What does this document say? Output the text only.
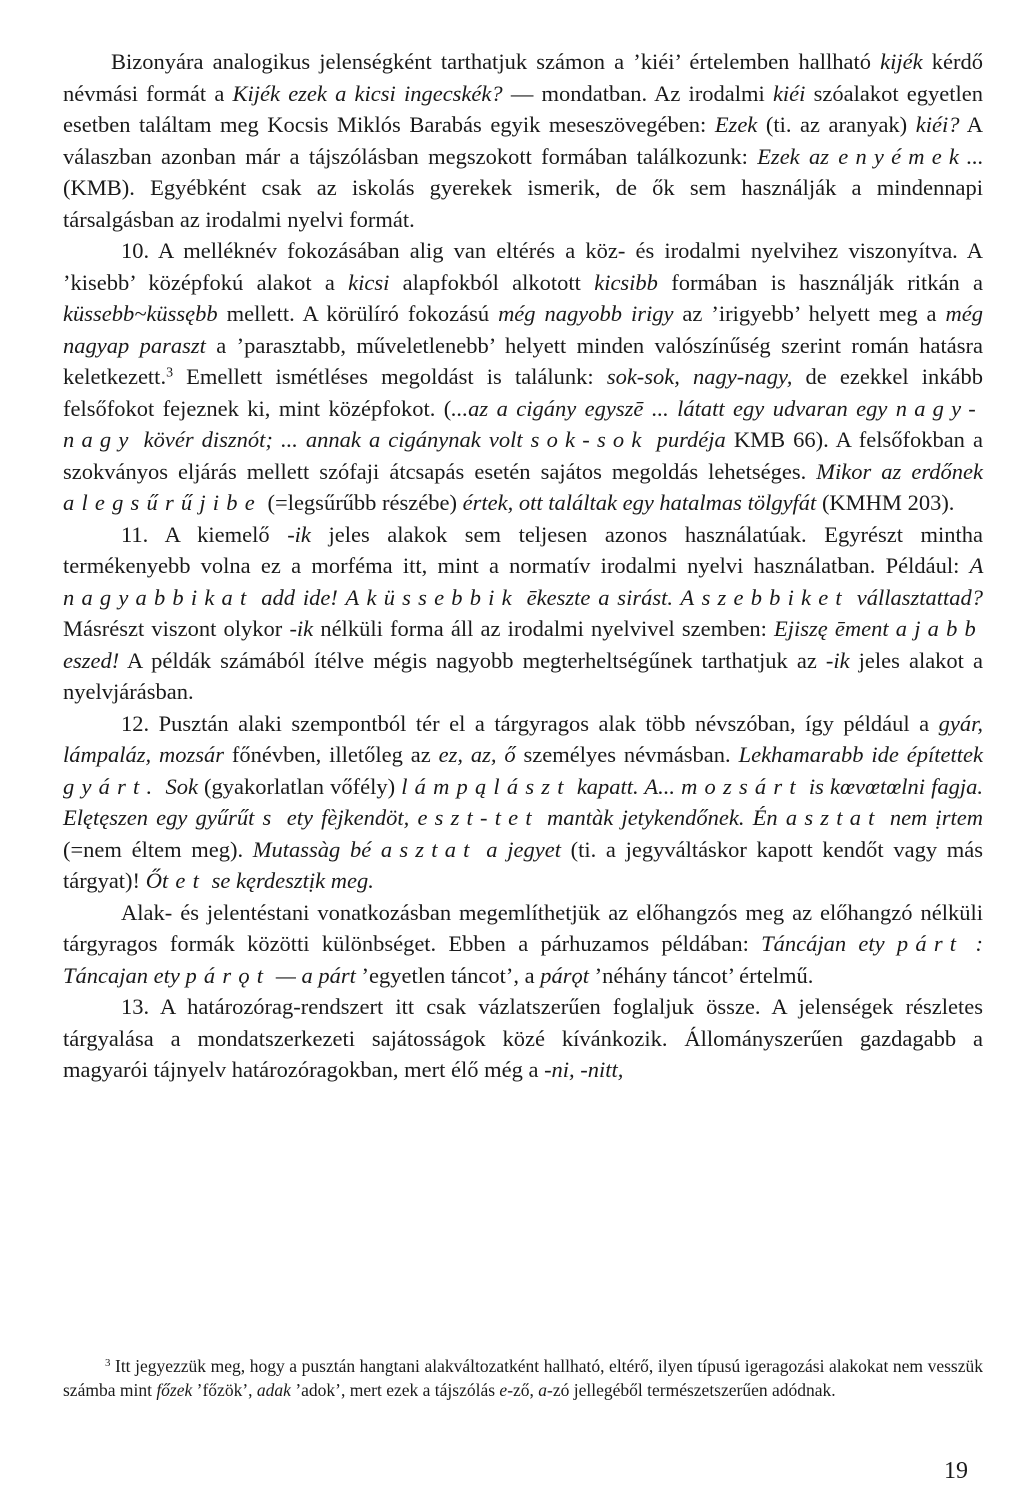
Bizonyára analogikus jelenségként tarthatjuk számon a ’kiéi’ értelemben hallható kijék kérdő névmási formát a Kijék ezek a kicsi ingecskék? — mondatban. Az irodalmi kiéi szóalakot egyetlen esetben találtam meg Kocsis Miklós Barabás egyik meseszövegében: Ezek (ti. az aranyak) kiéi? A válaszban azonban már a tájszólásban megszokott formában találkozunk: Ezek az enyémek... (KMB). Egyébként csak az iskolás gyerekek ismerik, de ők sem használják a mindennapi társalgásban az irodalmi nyelvi formát.

10. A melléknév fokozásában alig van eltérés a köz- és irodalmi nyelvihez viszonyítva. A ’kisebb’ középfokú alakot a kicsi alapfokból alkotott kicsibb formában is használják ritkán a küssebb~küssębb mellett. A körülíró fokozású még nagyobb irigy az ’irigyebb’ helyett meg a még nagyap paraszt a ’parasztabb, műveletlenebb’ helyett minden valószínűség szerint román hatásra keletkezett.$^3$ Emellett ismétléses megoldást is találunk: sok-sok, nagy-nagy, de ezekkel inkább felsőfokot fejeznek ki, mint középfokot. (...az a cigány egyszē ... látatt egy udvaran egy nagy-nagy kövér disznót; ... annak a cigánynak volt sok-sok purdéja KMB 66). A felsőfokban a szokványos eljárás mellett szófaji átcsapás esetén sajátos megoldás lehetséges. Mikor az erdőnek alegsűrűjibe (=legsűrűbb részébe) értek, ott találtak egy hatalmas tölgyfát (KMHM 203).

11. A kiemelő -ik jeles alakok sem teljesen azonos használatúak. Egyrészt mintha termékenyebb volna ez a morféma itt, mint a normatív irodalmi nyelvi használatban. Például: A nagyabbikat add ide! A küssebbik ēkeszte a sirást. A szebbiket vállasztattad? Másrészt viszont olykor -ik nélküli forma áll az irodalmi nyelvivel szemben: Ejiszę ēment a jabb eszed! A példák számából ítélve mégis nagyobb megterheltségűnek tarthatjuk az -ik jeles alakot a nyelvjárásban.

12. Pusztán alaki szempontból tér el a tárgyragos alak több névszóban, így például a gyár, lámpaláz, mozsár főnévben, illetőleg az ez, az, ő személyes névmásban. Lekhamarabb ide építettek gyárt. Sok (gyakorlatlan vőfély) lámpąlászt kapatt. A... mozsárt is kœvœtœlni fagja. Elętęszen egy gyűrűt s ety fèjkendöt, eszt-tet mantàk jetykendőnek. Én asztat nem ịrtem (=nem éltem meg). Mutassàg bé asztat a jegyet (ti. a jegyváltáskor kapott kendőt vagy más tárgyat)! Őtet se kęrdesztịk meg.

Alak- és jelentéstani vonatkozásban megemlíthetjük az előhangzós meg az előhangzó nélküli tárgyragos formák közötti különbséget. Ebben a párhuzamos példában: Táncájan ety párt : Táncajan ety párǫt — a párt ’egyetlen táncot’, a párǫt ’néhány táncot’ értelmű.

13. A határozórag-rendszert itt csak vázlatszerűen foglaljuk össze. A jelenségek részletes tárgyalása a mondatszerkezeti sajátosságok közé kívánkozik. Állományszerűen gazdagabb a magyarói tájnyelv határozóragokban, mert élő még a -ni, -nitt,

$^3$ Itt jegyezzük meg, hogy a pusztán hangtani alakváltozatként hallható, eltérő, ilyen típusú igeragozási alakokat nem vesszük számba mint főzek ’főzök’, adak ’adok’, mert ezek a tájszólás e-ző, a-zó jellegéből természetszerűen adódnak.
19
